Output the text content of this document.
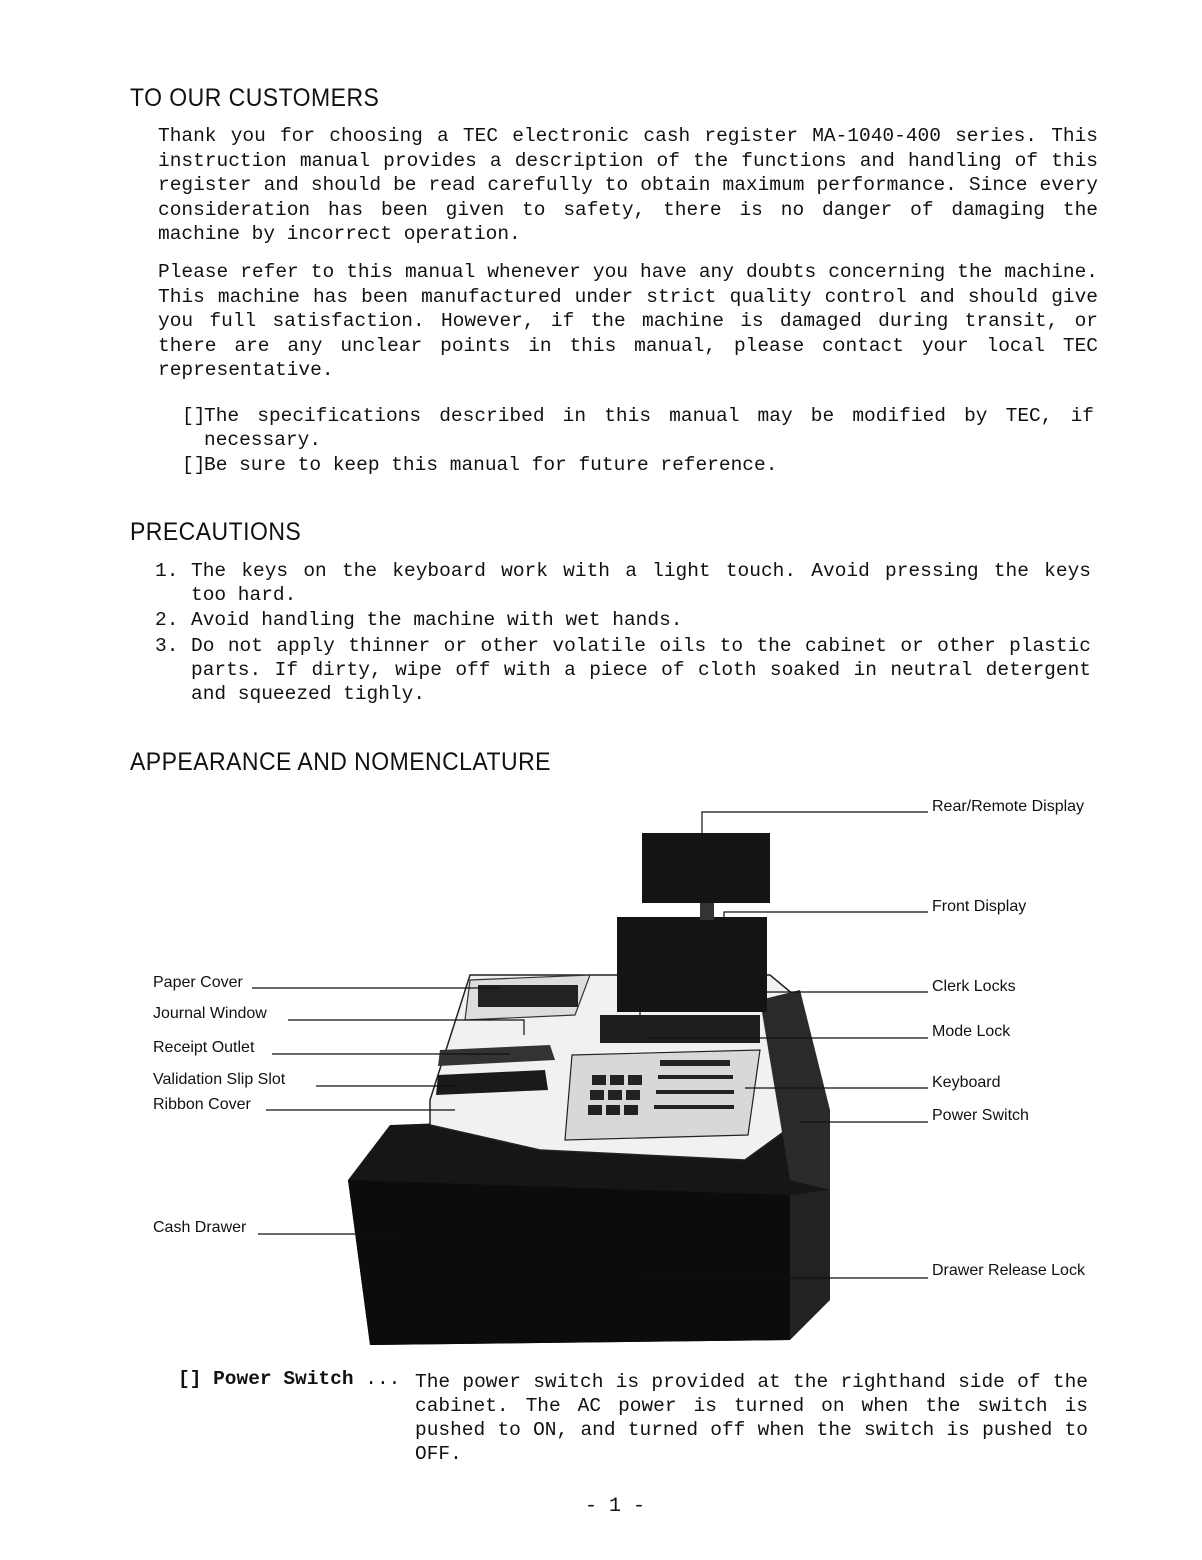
TO OUR CUSTOMERS

Thank you for choosing a TEC electronic cash register MA-1040-400 series. This instruction manual provides a description of the functions and handling of this register and should be read carefully to obtain maximum performance. Since every consideration has been given to safety, there is no danger of damaging the machine by incorrect operation.

Please refer to this manual whenever you have any doubts concerning the machine. This machine has been manufactured under strict quality control and should give you full satisfaction. However, if the machine is damaged during transit, or there are any unclear points in this manual, please contact your local TEC representative.

[]The specifications described in this manual may be modified by TEC, if necessary.

[]Be sure to keep this manual for future reference.

PRECAUTIONS

1. The keys on the keyboard work with a light touch. Avoid pressing the keys too hard.

2. Avoid handling the machine with wet hands.

3. Do not apply thinner or other volatile oils to the cabinet or other plastic parts. If dirty, wipe off with a piece of cloth soaked in neutral detergent and squeezed tighly.

APPEARANCE AND NOMENCLATURE
Rear/Remote Display
Front Display
Clerk Locks
Mode Lock
Keyboard
Power Switch
Drawer Release Lock
Paper Cover
Journal Window
Receipt Outlet
Validation Slip Slot
Ribbon Cover
Cash Drawer
[] Power Switch ... The power switch is provided at the righthand side of the cabinet. The AC power is turned on when the switch is pushed to ON, and turned off when the switch is pushed to OFF.

- 1 -
